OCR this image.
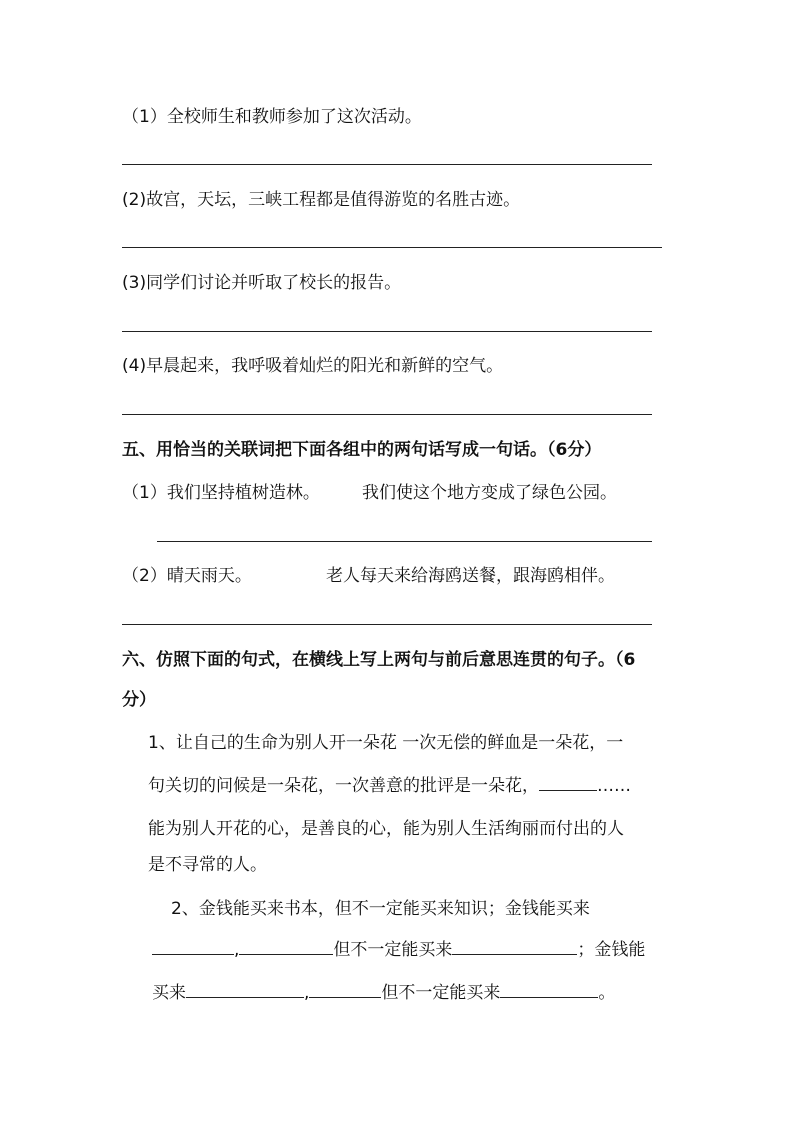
（1）全校师生和教师参加了这次活动。
(2)故宫，天坛，三峡工程都是值得游览的名胜古迹。
(3)同学们讨论并听取了校长的报告。
(4)早晨起来，我呼吸着灿烂的阳光和新鲜的空气。
五、用恰当的关联词把下面各组中的两句话写成一句话。（6分）
（1）我们坚持植树造林。 我们使这个地方变成了绿色公园。
（2）晴天雨天。	老人每天来给海鸥送餐，跟海鸥相伴。
六、仿照下面的句式，在横线上写上两句与前后意思连贯的句子。（6
分）
1、让自己的生命为别人开一朵花 一次无偿的鲜血是一朵花，一
句关切的问候是一朵花，一次善意的批评是一朵花，	……
能为别人开花的心，是善良的心，能为别人生活绚丽而付出的人
是不寻常的人。
2、金钱能买来书本，但不一定能买来知识；金钱能买来
,	但不一定能买来	；金钱能
买来	,	但不一定能买来	。
